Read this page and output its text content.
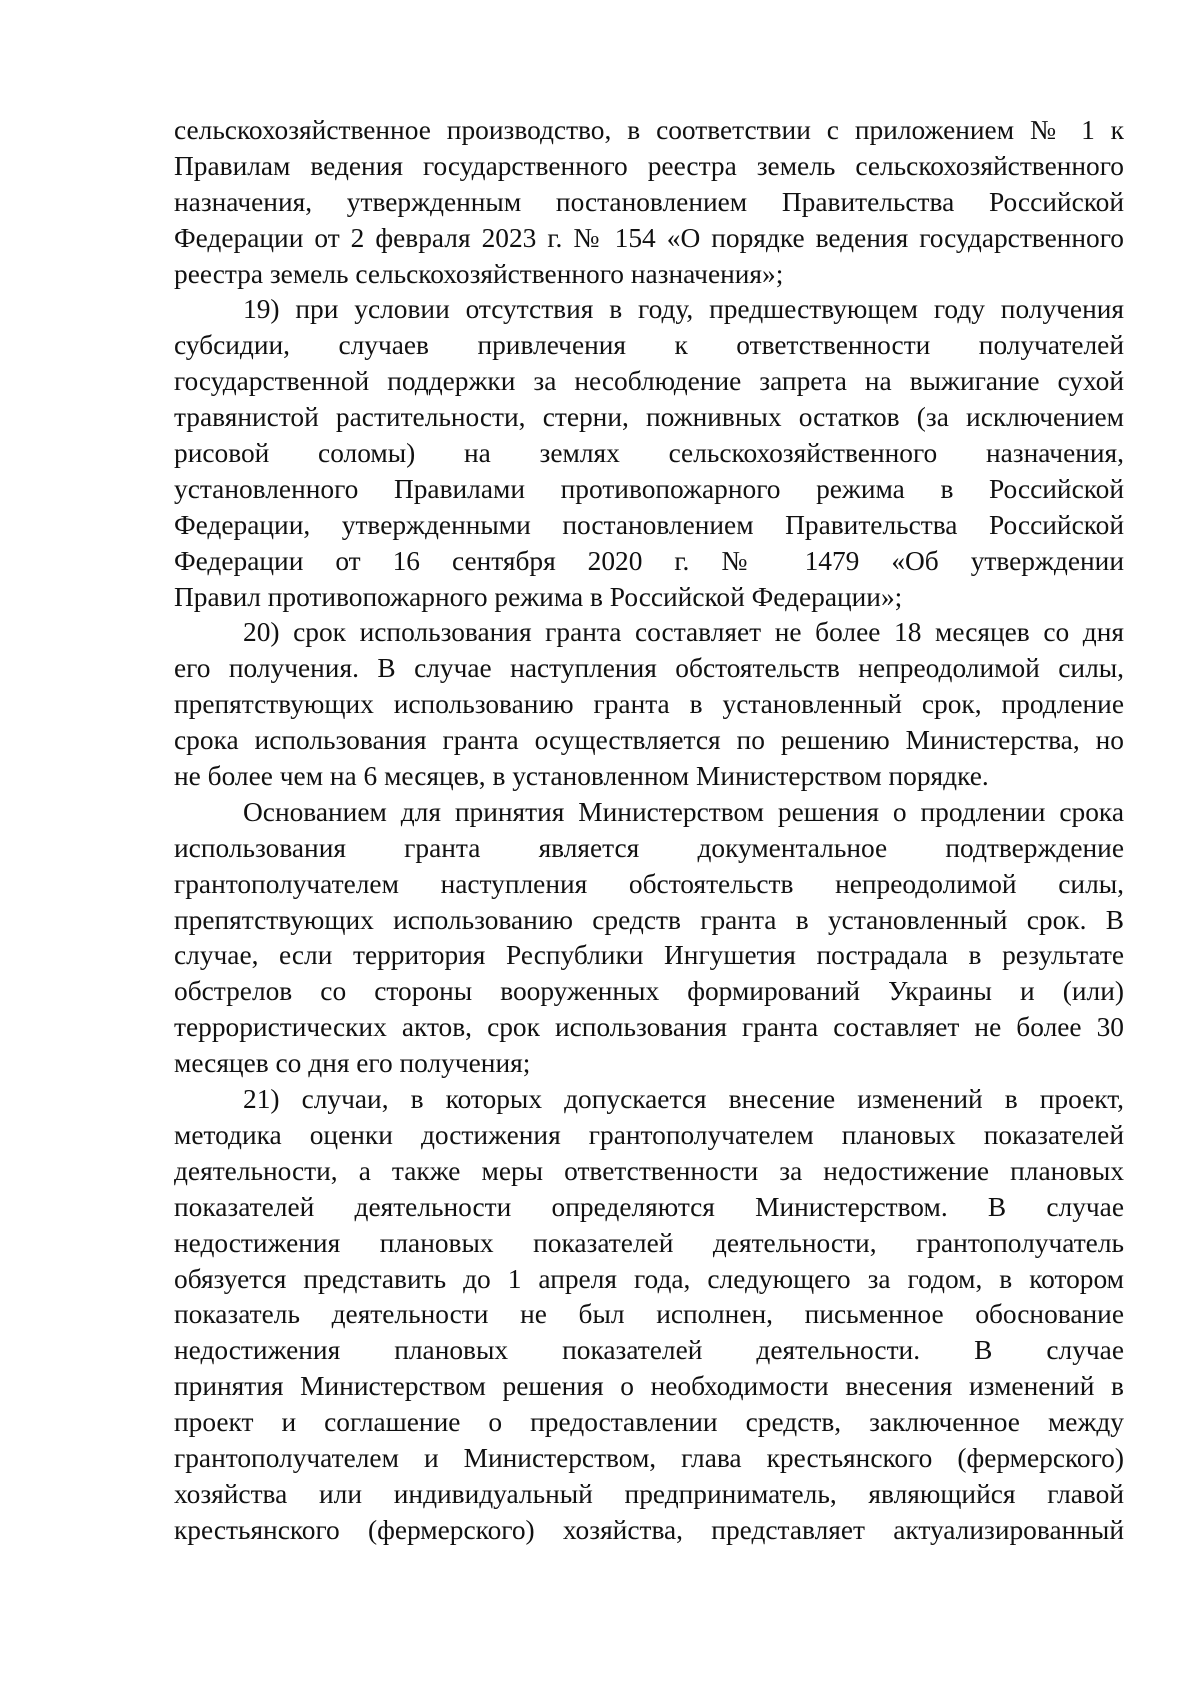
сельскохозяйственное производство, в соответствии с приложением № 1 к
Правилам ведения государственного реестра земель сельскохозяйственного
назначения, утвержденным постановлением Правительства Российской
Федерации от 2 февраля 2023 г. № 154 «О порядке ведения государственного
реестра земель сельскохозяйственного назначения»;
19) при условии отсутствия в году, предшествующем году получения
субсидии, случаев привлечения к ответственности получателей
государственной поддержки за несоблюдение запрета на выжигание сухой
травянистой растительности, стерни, пожнивных остатков (за исключением
рисовой соломы) на землях сельскохозяйственного назначения,
установленного Правилами противопожарного режима в Российской
Федерации, утвержденными постановлением Правительства Российской
Федерации от 16 сентября 2020 г. № 1479 «Об утверждении
Правил противопожарного режима в Российской Федерации»;
20) срок использования гранта составляет не более 18 месяцев со дня
его получения. В случае наступления обстоятельств непреодолимой силы,
препятствующих использованию гранта в установленный срок, продление
срока использования гранта осуществляется по решению Министерства, но
не более чем на 6 месяцев, в установленном Министерством порядке.
Основанием для принятия Министерством решения о продлении срока
использования гранта является документальное подтверждение
грантополучателем наступления обстоятельств непреодолимой силы,
препятствующих использованию средств гранта в установленный срок. В
случае, если территория Республики Ингушетия пострадала в результате
обстрелов со стороны вооруженных формирований Украины и (или)
террористических актов, срок использования гранта составляет не более 30
месяцев со дня его получения;
21) случаи, в которых допускается внесение изменений в проект,
методика оценки достижения грантополучателем плановых показателей
деятельности, а также меры ответственности за недостижение плановых
показателей деятельности определяются Министерством. В случае
недостижения плановых показателей деятельности, грантополучатель
обязуется представить до 1 апреля года, следующего за годом, в котором
показатель деятельности не был исполнен, письменное обоснование
недостижения плановых показателей деятельности. В случае
принятия Министерством решения о необходимости внесения изменений в
проект и соглашение о предоставлении средств, заключенное между
грантополучателем и Министерством, глава крестьянского (фермерского)
хозяйства или индивидуальный предприниматель, являющийся главой
крестьянского (фермерского) хозяйства, представляет актуализированный
